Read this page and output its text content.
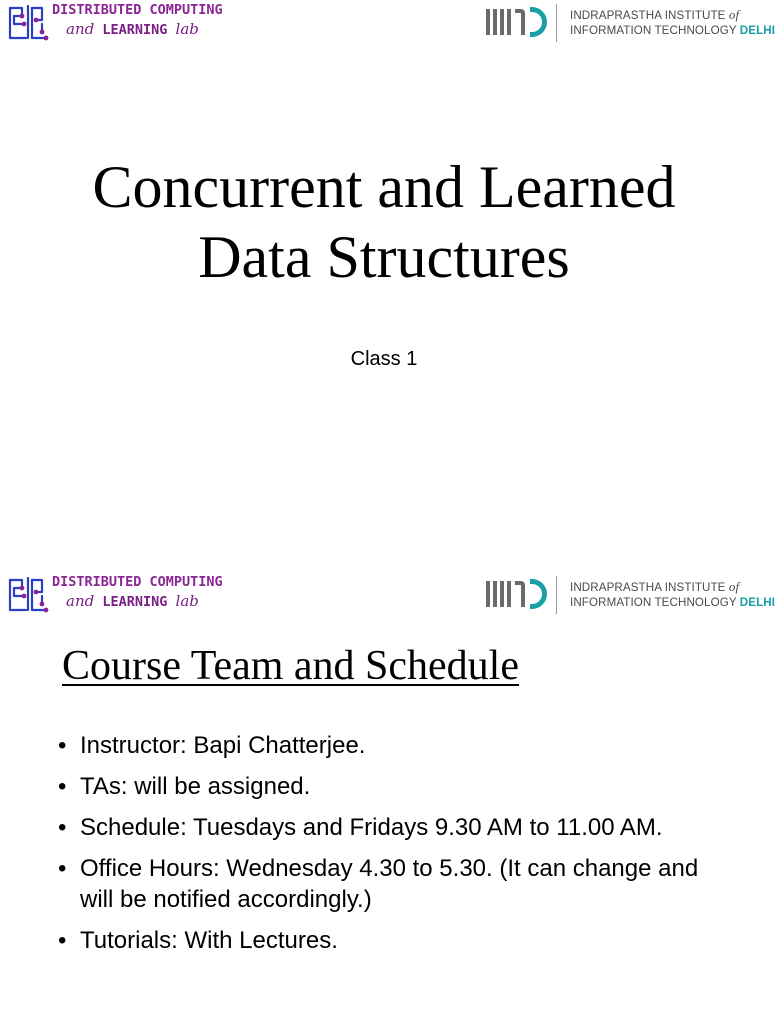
DISTRIBUTED COMPUTING
and LEARNING lab
INDRAPRASTHA INSTITUTE of
INFORMATION TECHNOLOGY DELHI
Concurrent and Learned
Data Structures
Class 1
DISTRIBUTED COMPUTING
and LEARNING lab
INDRAPRASTHA INSTITUTE of
INFORMATION TECHNOLOGY DELHI
Course Team and Schedule
• Instructor: Bapi Chatterjee.
• TAs: will be assigned.
• Schedule: Tuesdays and Fridays 9.30 AM to 11.00 AM.
• Office Hours: Wednesday 4.30 to 5.30. (It can change and will be notified accordingly.)
• Tutorials: With Lectures.
